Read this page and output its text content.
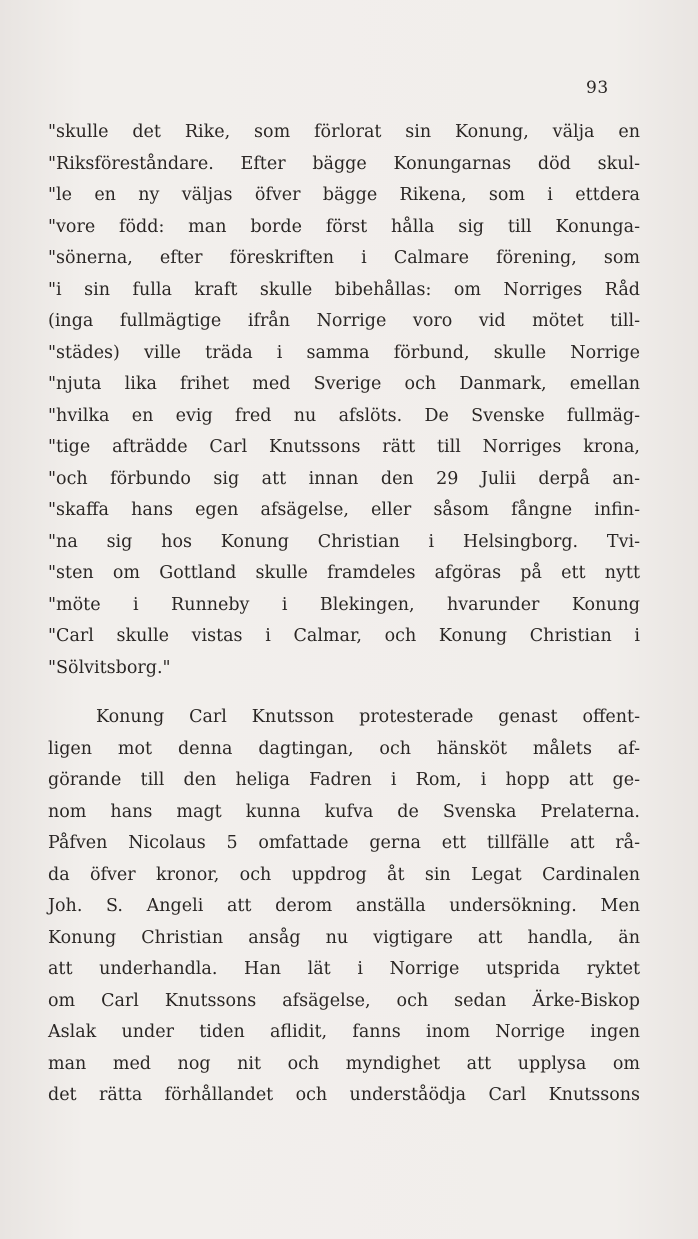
93
"skulle det Rike, som förlorat sin Konung, välja en
"Riksföreståndare. Efter bägge Konungarnas död skul-
"le en ny väljas öfver bägge Rikena, som i ettdera
"vore född: man borde först hålla sig till Konunga-
"sönerna, efter föreskriften i Calmare förening, som
"i sin fulla kraft skulle bibehållas: om Norriges Råd
(inga fullmägtige ifrån Norrige voro vid mötet till-
"städes) ville träda i samma förbund, skulle Norrige
"njuta lika frihet med Sverige och Danmark, emellan
"hvilka en evig fred nu afslöts. De Svenske fullmäg-
"tige afträdde Carl Knutssons rätt till Norriges krona,
"och förbundo sig att innan den 29 Julii derpå an-
"skaffa hans egen afsägelse, eller såsom fångne infin-
"na sig hos Konung Christian i Helsingborg. Tvi-
"sten om Gottland skulle framdeles afgöras på ett nytt
"möte i Runneby i Blekingen, hvarunder Konung
"Carl skulle vistas i Calmar, och Konung Christian i
"Sölvitsborg."
Konung Carl Knutsson protesterade genast offent-
ligen mot denna dagtingan, och hänsköt målets af-
görande till den heliga Fadren i Rom, i hopp att ge-
nom hans magt kunna kufva de Svenska Prelaterna.
Påfven Nicolaus 5 omfattade gerna ett tillfälle att rå-
da öfver kronor, och uppdrog åt sin Legat Cardinalen
Joh. S. Angeli att derom anställa undersökning. Men
Konung Christian ansåg nu vigtigare att handla, än
att underhandla. Han lät i Norrige utsprida ryktet
om Carl Knutssons afsägelse, och sedan Ärke-Biskop
Aslak under tiden aflidit, fanns inom Norrige ingen
man med nog nit och myndighet att upplysa om
det rätta förhållandet och underståödja Carl Knutssons
